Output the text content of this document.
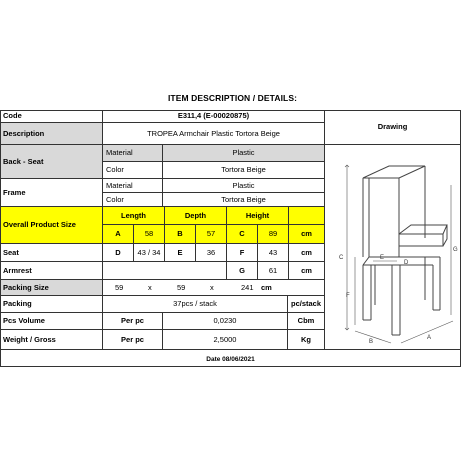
ITEM DESCRIPTION / DETAILS:
Code	E311,4 (E-00020875)
Description	TROPEA Armchair Plastic Tortora Beige
Drawing
Back - Seat
Material	Plastic
Color	Tortora Beige
Frame
Material	Plastic
Color	Tortora Beige
Overall Product Size
Length	Depth	Height
A	58	B	57	C	89	cm
Seat	D	43 / 34	E	36	F	43	cm
Armrest	G	61	cm
Packing Size	59	x	59	x	241 cm
Packing	37pcs / stack	pc/stack
Pcs Volume	Per pc	0,0230	Cbm
Weight / Gross	Per pc	2,5000	Kg
C
F
G
E
D
B
A
Date 08/06/2021
